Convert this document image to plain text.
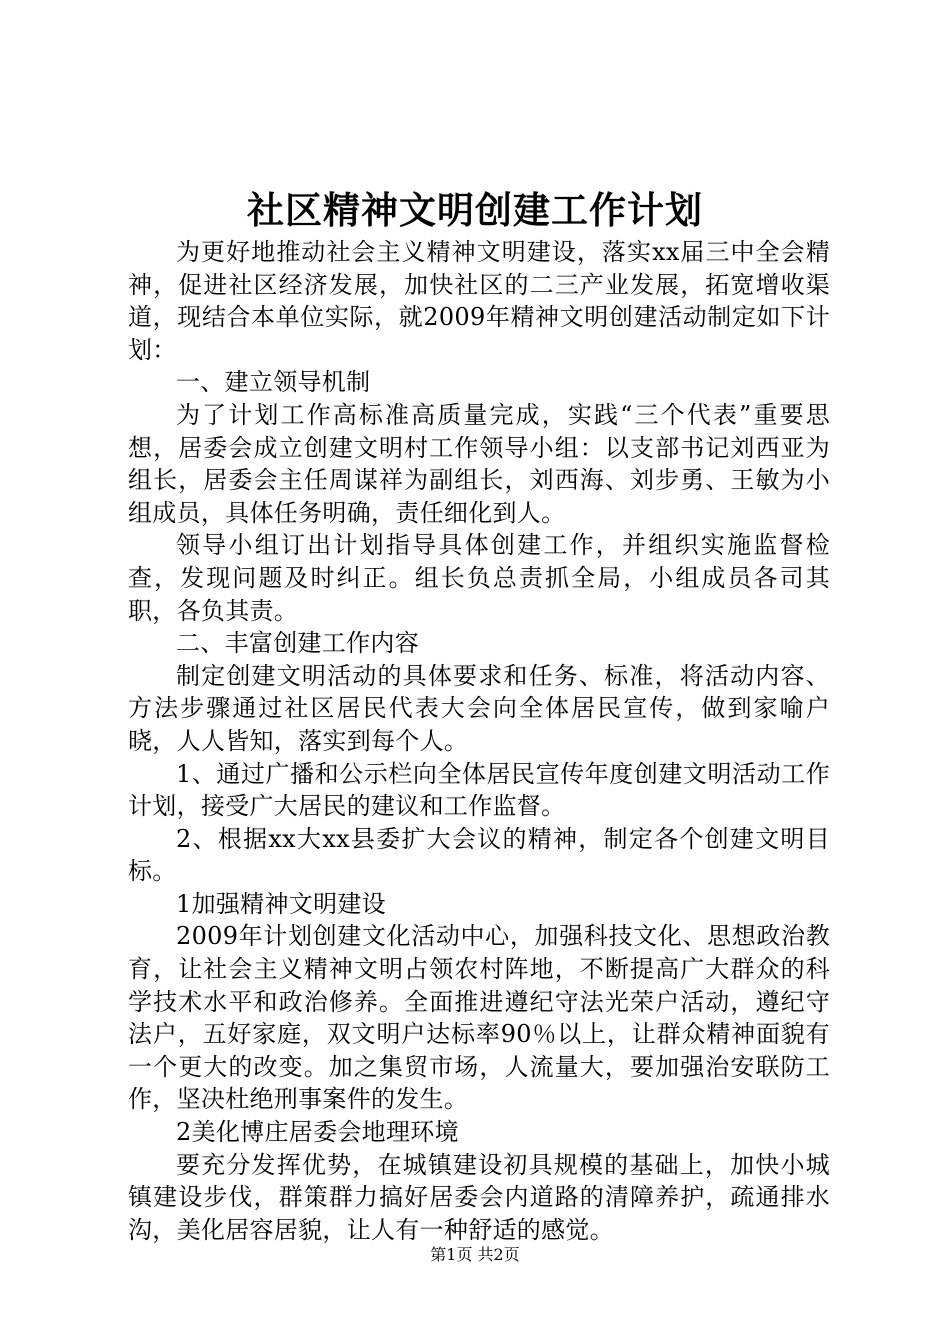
社区精神文明创建工作计划

为更好地推动社会主义精神文明建设，落实xx届三中全会精神，促进社区经济发展，加快社区的二三产业发展，拓宽增收渠道，现结合本单位实际，就2009年精神文明创建活动制定如下计划：

一、建立领导机制

为了计划工作高标准高质量完成，实践“三个代表”重要思想，居委会成立创建文明村工作领导小组：以支部书记刘西亚为组长，居委会主任周谋祥为副组长，刘西海、刘步勇、王敏为小组成员，具体任务明确，责任细化到人。

领导小组订出计划指导具体创建工作，并组织实施监督检查，发现问题及时纠正。组长负总责抓全局，小组成员各司其职，各负其责。

二、丰富创建工作内容

制定创建文明活动的具体要求和任务、标准，将活动内容、方法步骤通过社区居民代表大会向全体居民宣传，做到家喻户晓，人人皆知，落实到每个人。

1、通过广播和公示栏向全体居民宣传年度创建文明活动工作计划，接受广大居民的建议和工作监督。

2、根据xx大xx县委扩大会议的精神，制定各个创建文明目标。

1加强精神文明建设

2009年计划创建文化活动中心，加强科技文化、思想政治教育，让社会主义精神文明占领农村阵地，不断提高广大群众的科学技术水平和政治修养。全面推进遵纪守法光荣户活动，遵纪守法户，五好家庭，双文明户达标率90％以上，让群众精神面貌有一个更大的改变。加之集贸市场，人流量大，要加强治安联防工作，坚决杜绝刑事案件的发生。

2美化博庄居委会地理环境

要充分发挥优势，在城镇建设初具规模的基础上，加快小城镇建设步伐，群策群力搞好居委会内道路的清障养护，疏通排水沟，美化居容居貌，让人有一种舒适的感觉。

第1页 共2页
